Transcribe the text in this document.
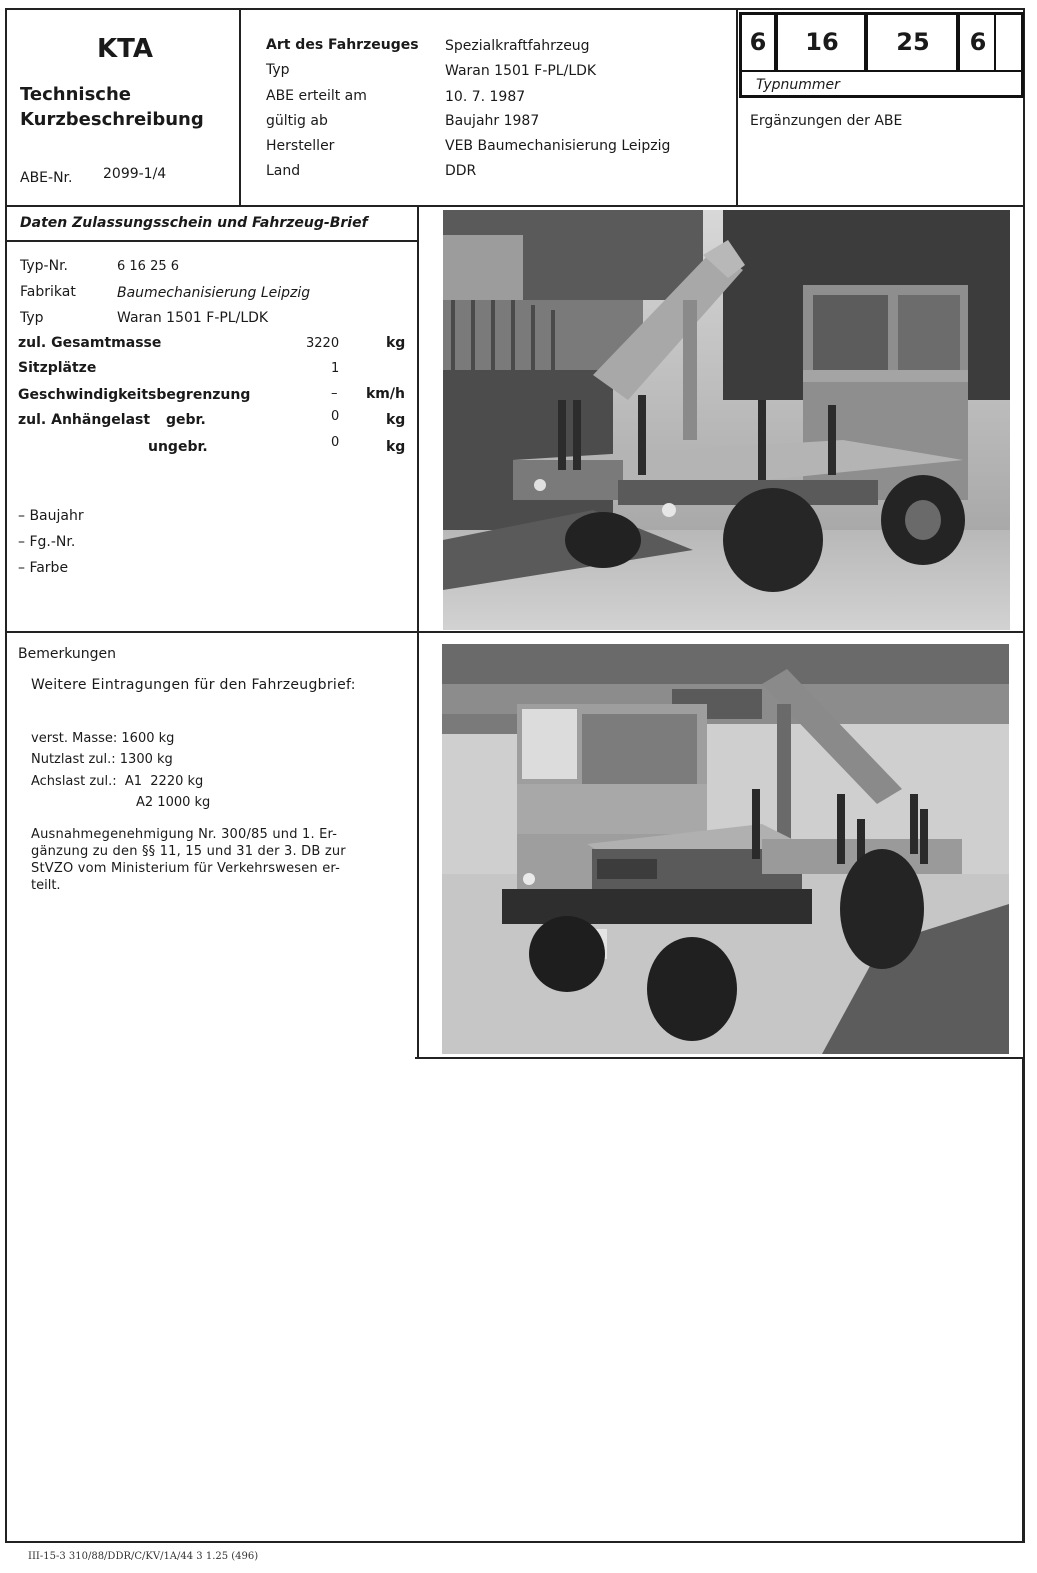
KTA
Technische
Kurzbeschreibung
ABE-Nr. 2099-1/4
Art des Fahrzeuges Spezialkraftfahrzeug
Typ	Waran 1501 F-PL/LDK
ABE erteilt am	10. 7. 1987
gültig ab	Baujahr 1987
Hersteller	VEB Baumechanisierung Leipzig
Land	DDR
6	16	25	6
Typnummer
Ergänzungen der ABE
Daten Zulassungsschein und Fahrzeug-Brief
Typ-Nr.	6 16 25 6
Fabrikat	Baumechanisierung Leipzig
Typ	Waran 1501 F-PL/LDK
zul. Gesamtmasse	3220	kg
Sitzplätze	1
Geschwindigkeitsbegrenzung	– km/h
zul. Anhängelast gebr.	0	kg
ungebr.	0	kg
– Baujahr
– Fg.-Nr.
– Farbe
Bemerkungen
Weitere Eintragungen für den Fahrzeugbrief:
verst. Masse: 1600 kg
Nutzlast zul.: 1300 kg
Achslast zul.:  A1  2220 kg
A2 1000 kg
Ausnahmegenehmigung Nr. 300/85 und 1. Er-
gänzung zu den §§ 11, 15 und 31 der 3. DB zur
StVZO vom Ministerium für Verkehrswesen er-
teilt.
III-15-3 310/88/DDR/C/KV/1A/44 3 1.25 (496)
